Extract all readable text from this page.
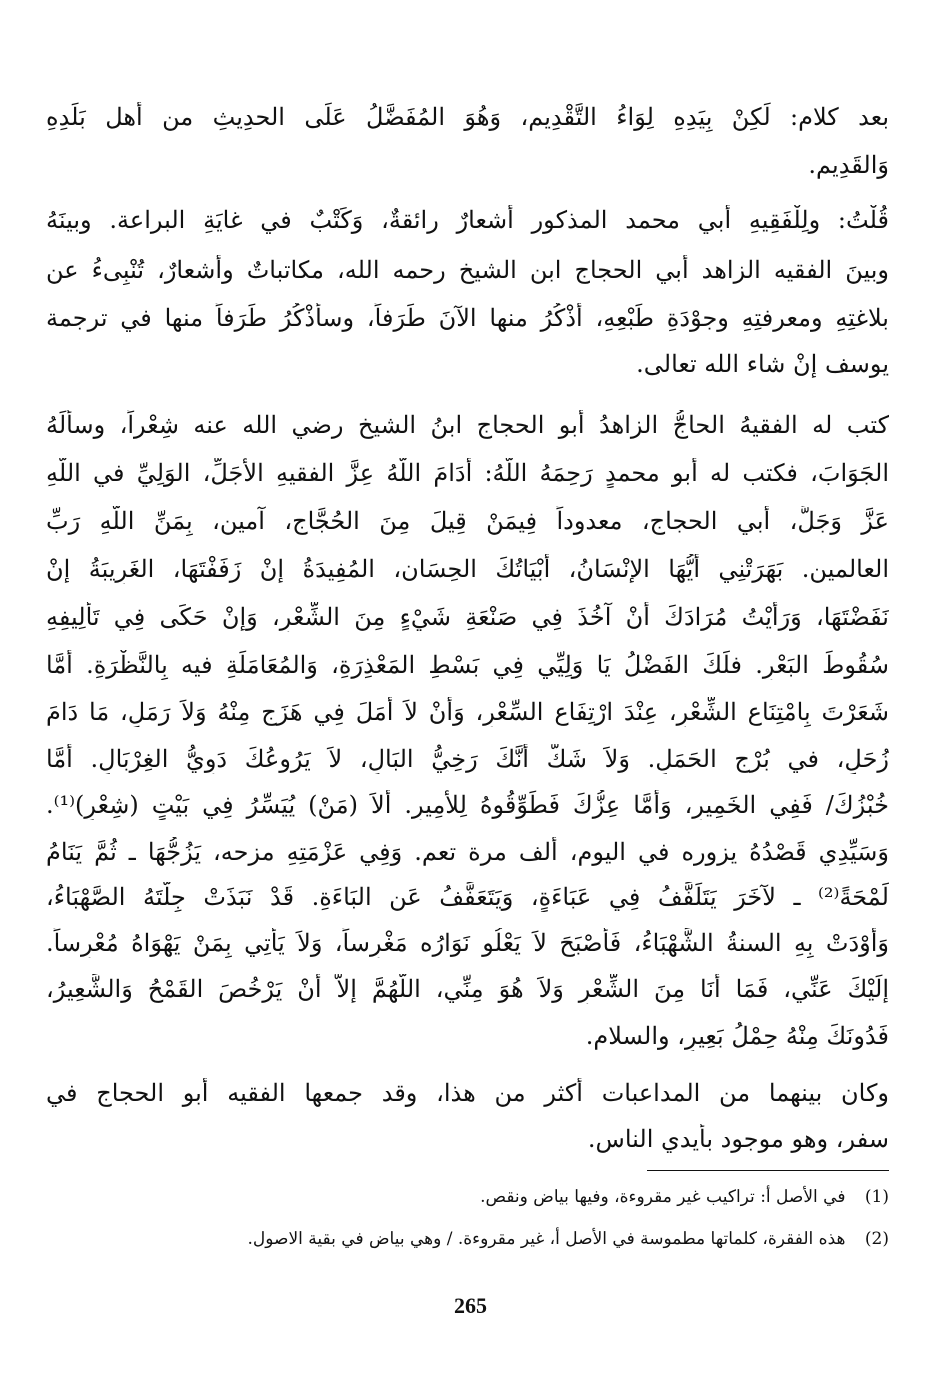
بعد كلام: لَكِنْ بِيَدِهِ لِوَاءُ التَّقْدِيمِ، وَهُوَ المُفَضَّلُ عَلَى الحدِيثِ من أهل بَلَدِهِ
وَالقَدِيمِ.
قُلْتُ: ولِلْفَقِيهِ أبي محمد المذكور أشعارٌ رائقةٌ، وَكَتْبٌ في غايَةِ البراعة. وبينَهُ
وبينَ الفقيه الزاهد أبي الحجاج ابن الشيخ رحمه الله، مكاتباتٌ وأشعارٌ، تُنْبِىءُ عن
بلاغتِهِ ومعرفتِهِ وجوْدَةِ طَبْعِهِ، أَذْكُرُ منها الآنَ طَرَفاً، وسأذْكُرُ طَرَفاً منها في ترجمة
يوسف إنْ شاء الله تعالى.
كتب له الفقيهُ الحاجُّ الزاهدُ أبو الحجاج ابنُ الشيخ رضي الله عنه شِعْراً، وسألَهُ
الجَوَابَ، فكتب له أبو محمدٍ رَحِمَهُ اللَّهُ: أَدَامَ اللَّهُ عِزَّ الفقيهِ الأَجَلِّ، الوَلِيِّ في اللَّهِ
عَزَّ وَجَلَّ، أبي الحجاج، معدوداً فِيمَنْ قِيلَ مِنَ الحُجَّاجِ، آمين، بِمَنِّ اللَّهِ رَبِّ
العالمين. بَهَرَتْنِي أَيُّهَا الإِنْسَانُ، أَبْيَاتُكَ الحِسَان، المُفِيدَةُ إِنْ زَفَفْتَهَا، الغَرِيبَةُ إِنْ
نَفَضْتَهَا، وَرَأَيْتُ مُرَادَكَ أَنْ آخُذَ فِي صَنْعَةِ شَيْءٍ مِنَ الشِّعْرِ، وَإِنْ حَكَى فِي تَأْلِيفِهِ
سُقُوطَ البَعْرِ. فلَكَ الفَضْلُ يَا وَلِيِّي فِي بَسْطِ المَعْذِرَةِ، وَالمُعَامَلَةِ فيه بِالنَّظْرَةِ. أَمَّا
شَعَرْتَ بِامْتِنَاعِ الشِّعْرِ، عِنْدَ ارْتِفَاعِ السِّعْرِ، وَأَنْ لاَ أَمَلَ فِي هَزَجٍ مِنْهُ وَلاَ رَمَلٍ، مَا دَامَ
زُحَلٍ، في بُرْجِ الحَمَلِ. وَلاَ شَكَّ أَنَّكَ رَخِيُّ البَالِ، لاَ يَرُوعُكَ دَوِيُّ الغِرْبَالِ. أَمَّا
خُبْزُكَ/ فَفِي الخَمِيرِ، وَأَمَّا عِزُّكَ فَطَوِّقُوهُ لِلأَمِيرِ. أَلاَ (مَنْ) يُيَسِّرُ فِي بَيْتٍ (شِعْرٍ)⁽¹⁾.
وَسَيِّدِي قَصْدُهُ يزوره في اليوم، ألف مرة تعم. وَفِي عَزْمَتِهِ مزحه، يَزُجُّهَا ـ ثُمَّ يَنَامُ
لَمْحَةً⁽²⁾ ـ لآخَرَ يَتَلَفَّفُ فِي عَبَاءَةٍ، وَيَتَعَفَّفُ عَنِ البَاءَةِ. قَدْ نَبَذَتْ جِلَّتَهُ الصَّهْبَاءُ،
وَأَوْدَتْ بِهِ السنةُ الشَّهْبَاءُ، فَأَصْبَحَ لاَ يَعْلُو نَوَارُه مَغْرِساً، وَلاَ يَأْتِي بِمَنْ يَهْوَاهُ مُعْرِساً.
إِلَيْكَ عَنِّي، فَمَا أَنَا مِنَ الشِّعْرِ وَلاَ هُوَ مِنِّي، اللَّهُمَّ إِلاَّ أَنْ يَرْخُصَ القَمْحُ وَالشَّعِيرُ،
فَدُونَكَ مِنْهُ حِمْلُ بَعِيرٍ، والسلام.
وكان بينهما من المداعبات أكثر من هذا، وقد جمعها الفقيه أبو الحجاج في
سفر، وهو موجود بأيدي الناس.
(1) في الأصل أ: تراكيب غير مقروءة، وفيها بياض ونقص.
(2) هذه الفقرة، كلماتها مطموسة في الأصل أ، غير مقروءة. / وهي بياض في بقية الاصول.
265
